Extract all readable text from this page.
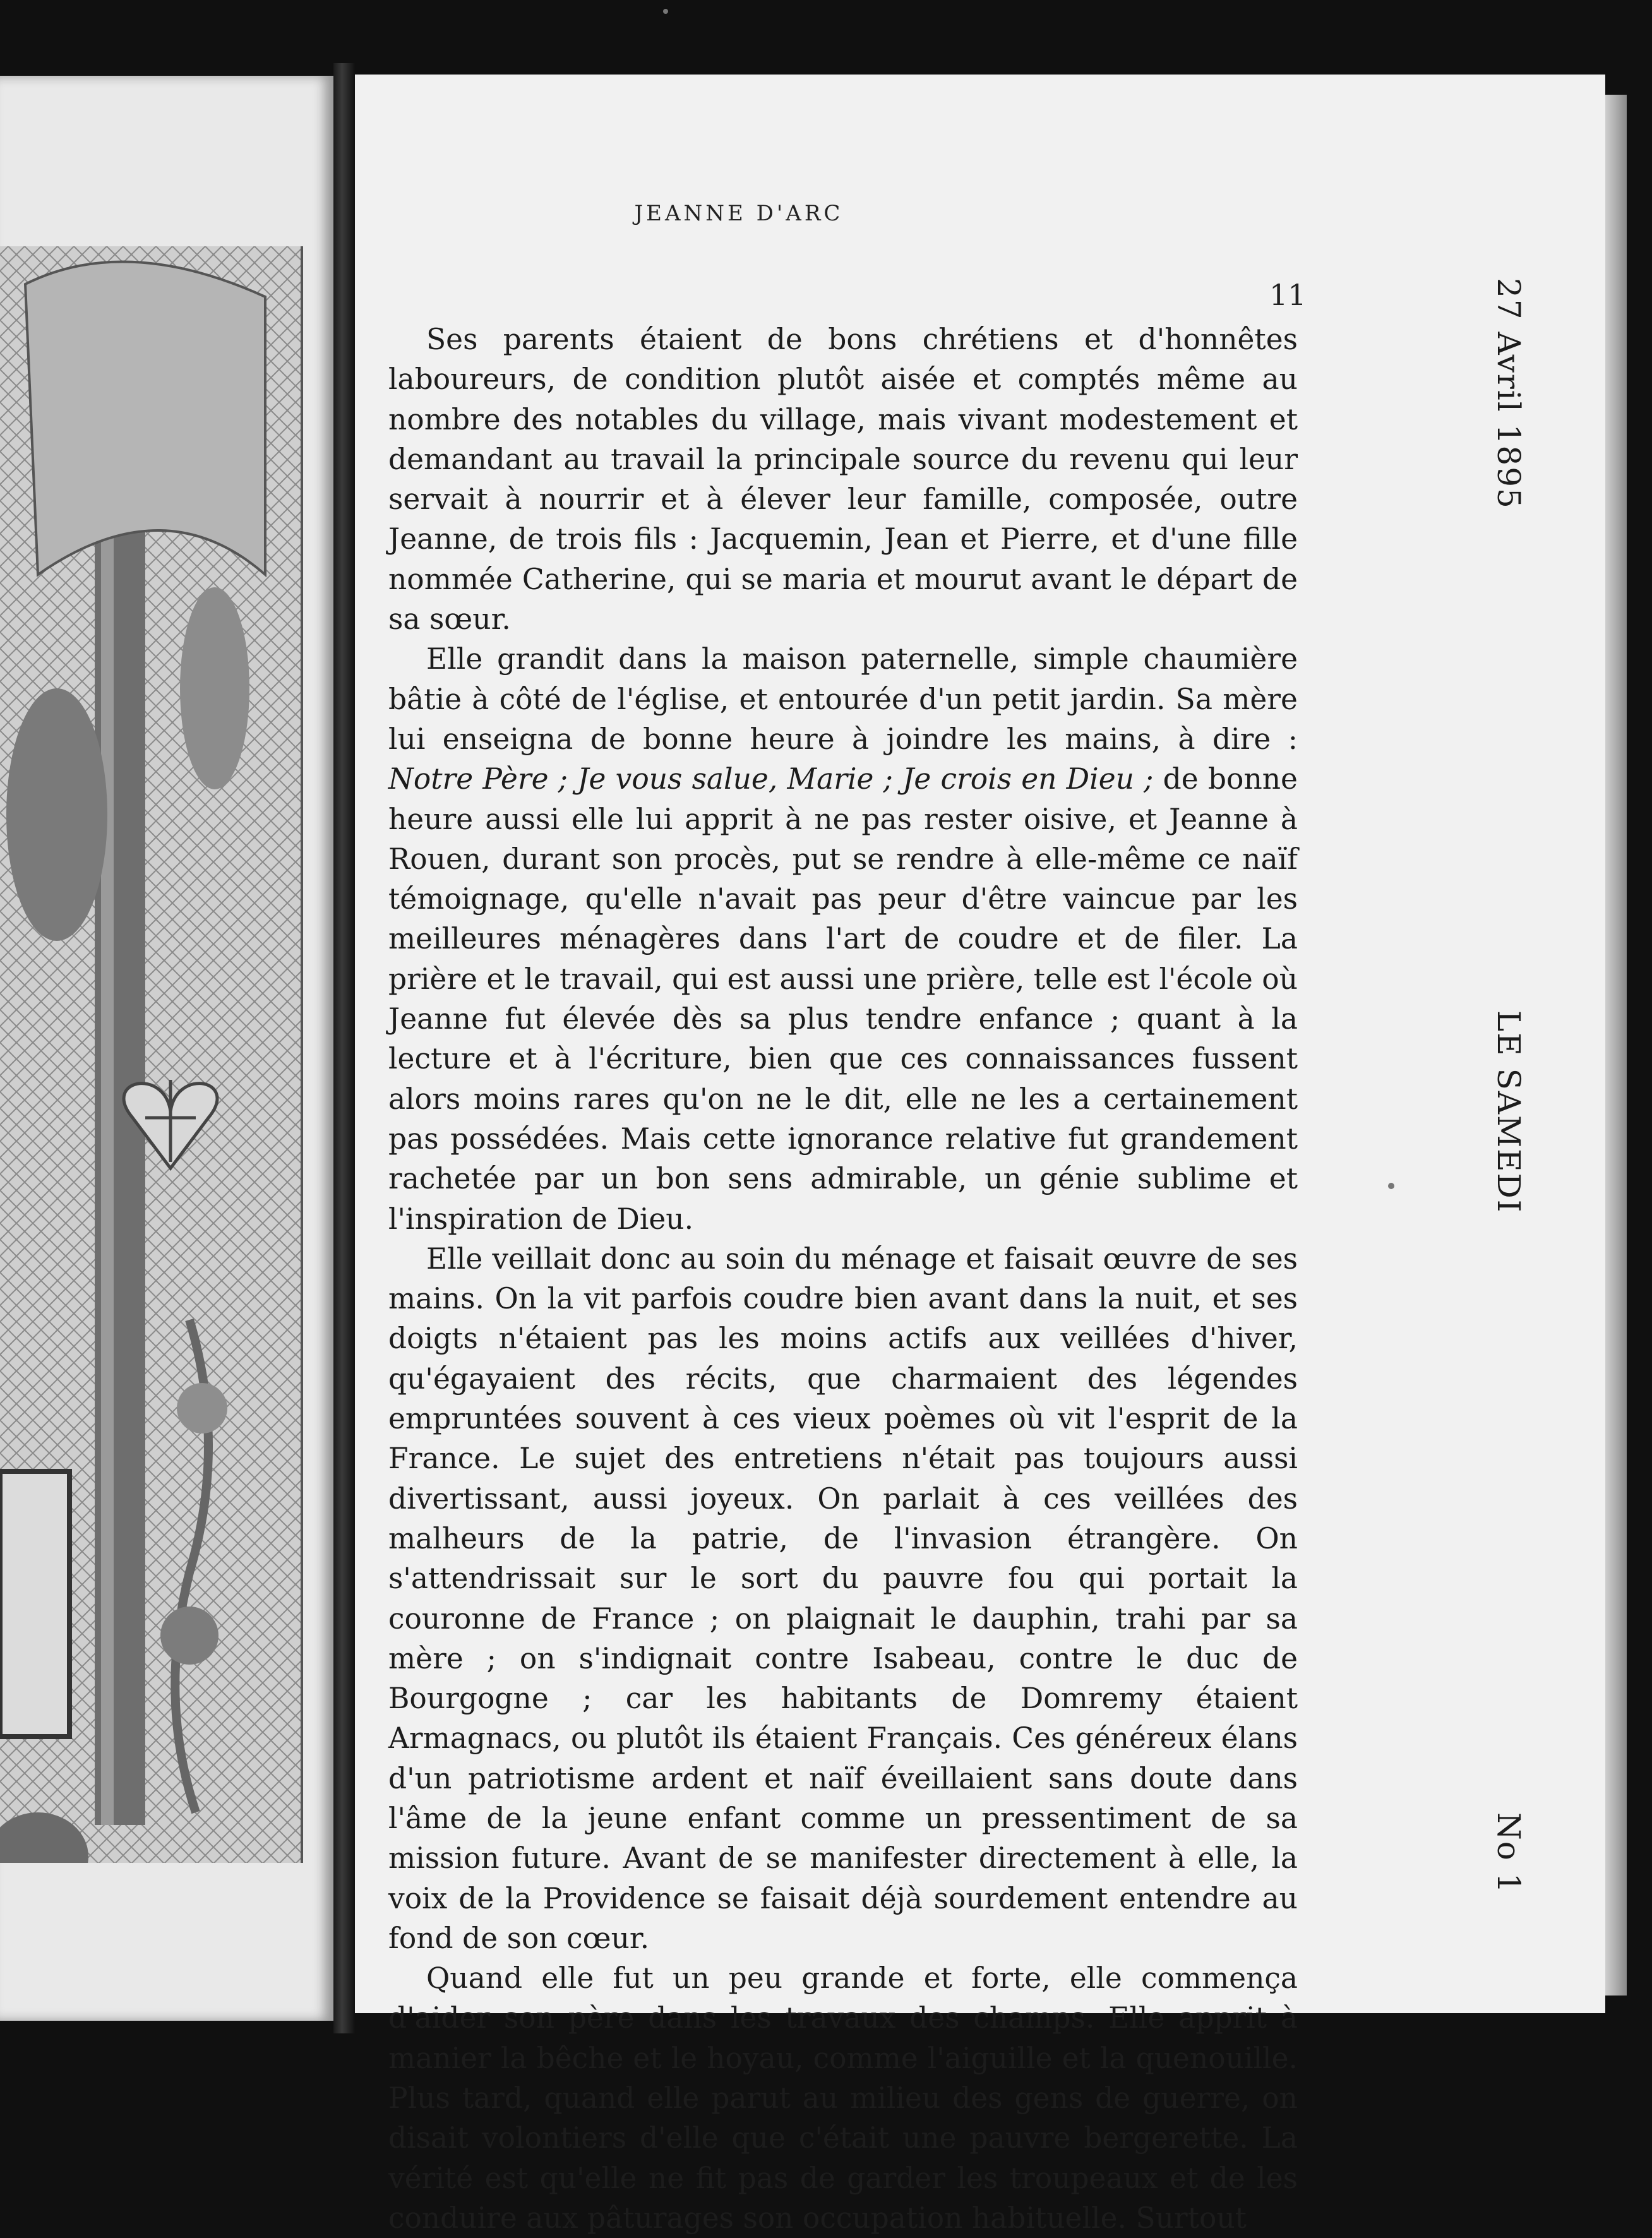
JEANNE D'ARC
11

Ses parents étaient de bons chrétiens et d'honnêtes laboureurs, de condition plutôt aisée et comptés même au nombre des notables du village, mais vivant modestement et demandant au travail la principale source du revenu qui leur servait à nourrir et à élever leur famille, composée, outre Jeanne, de trois fils : Jacquemin, Jean et Pierre, et d'une fille nommée Catherine, qui se maria et mourut avant le départ de sa sœur.

Elle grandit dans la maison paternelle, simple chaumière bâtie à côté de l'église, et entourée d'un petit jardin. Sa mère lui enseigna de bonne heure à joindre les mains, à dire : Notre Père ; Je vous salue, Marie ; Je crois en Dieu ; de bonne heure aussi elle lui apprit à ne pas rester oisive, et Jeanne à Rouen, durant son procès, put se rendre à elle-même ce naïf témoignage, qu'elle n'avait pas peur d'être vaincue par les meilleures ménagères dans l'art de coudre et de filer. La prière et le travail, qui est aussi une prière, telle est l'école où Jeanne fut élevée dès sa plus tendre enfance ; quant à la lecture et à l'écriture, bien que ces connaissances fussent alors moins rares qu'on ne le dit, elle ne les a certainement pas possédées. Mais cette ignorance relative fut grandement rachetée par un bon sens admirable, un génie sublime et l'inspiration de Dieu.

Elle veillait donc au soin du ménage et faisait œuvre de ses mains. On la vit parfois coudre bien avant dans la nuit, et ses doigts n'étaient pas les moins actifs aux veillées d'hiver, qu'égayaient des récits, que charmaient des légendes empruntées souvent à ces vieux poèmes où vit l'esprit de la France. Le sujet des entretiens n'était pas toujours aussi divertissant, aussi joyeux. On parlait à ces veillées des malheurs de la patrie, de l'invasion étrangère. On s'attendrissait sur le sort du pauvre fou qui portait la couronne de France ; on plaignait le dauphin, trahi par sa mère ; on s'indignait contre Isabeau, contre le duc de Bourgogne ; car les habitants de Domremy étaient Armagnacs, ou plutôt ils étaient Français. Ces généreux élans d'un patriotisme ardent et naïf éveillaient sans doute dans l'âme de la jeune enfant comme un pressentiment de sa mission future. Avant de se manifester directement à elle, la voix de la Providence se faisait déjà sourdement entendre au fond de son cœur.

Quand elle fut un peu grande et forte, elle commença d'aider son père dans les travaux des champs. Elle apprit à manier la bêche et le hoyau, comme l'aiguille et la quenouille. Plus tard, quand elle parut au milieu des gens de guerre, on disait volontiers d'elle que c'était une pauvre bergerette. La vérité est qu'elle ne fit pas de garder les troupeaux et de les conduire aux pâturages son occupation habituelle. Surtout

27 Avril 1895
LE SAMEDI
No 1
